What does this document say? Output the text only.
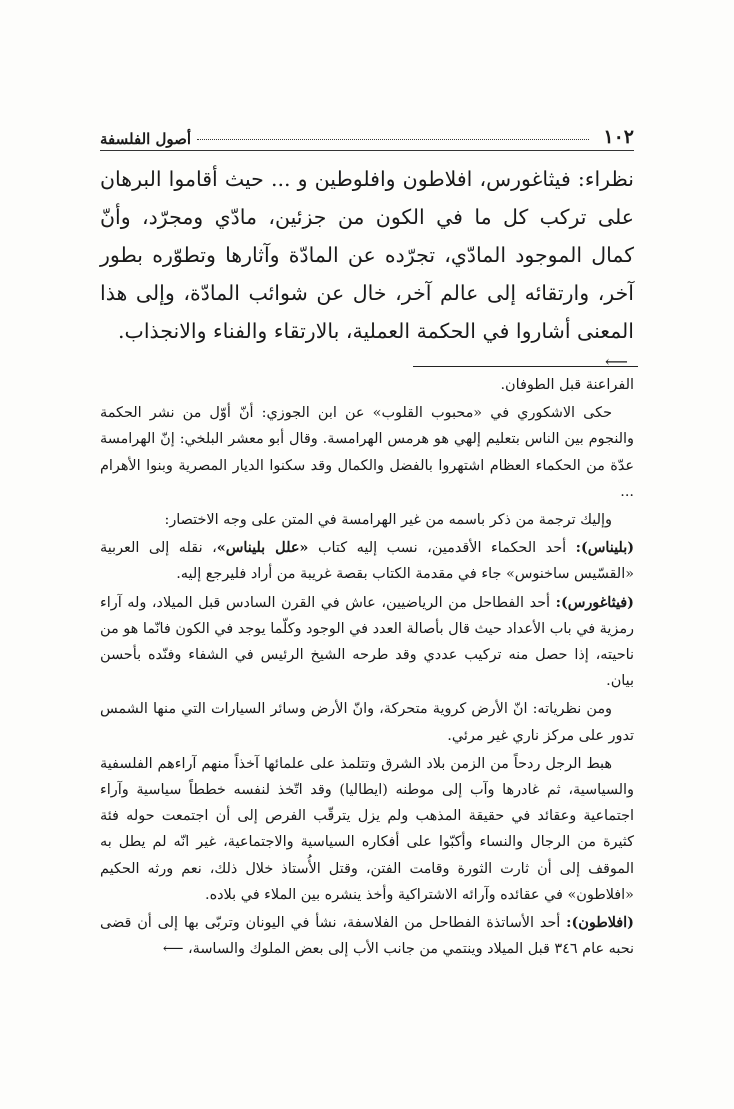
١٠٢
أصول الفلسفة

نظراء: فيثاغورس، افلاطون وافلوطين و ... حيث أقاموا البرهان على تركب كل ما في الكون من جزئين، مادّي ومجرّد، وأنّ كمال الموجود المادّي، تجرّده عن المادّة وآثارها وتطوّره بطور آخر، وارتقائه إلى عالم آخر، خال عن شوائب المادّة، وإلى هذا المعنى أشاروا في الحكمة العملية، بالارتقاء والفناء والانجذاب.

⟵

الفراعنة قبل الطوفان.

حكى الاشكوري في «محبوب القلوب» عن ابن الجوزي: أنّ أوّل من نشر الحكمة والنجوم بين الناس بتعليم إلهي هو هرمس الهرامسة. وقال أبو معشر البلخي: إنّ الهرامسة عدّة من الحكماء العظام اشتهروا بالفضل والكمال وقد سكنوا الديار المصرية وبنوا الأهرام ...

وإليك ترجمة من ذكر باسمه من غير الهرامسة في المتن على وجه الاختصار:

(بليناس): أحد الحكماء الأقدمين، نسب إليه كتاب «علل بليناس»، نقله إلى العربية «القسّيس ساخنوس» جاء في مقدمة الكتاب بقصة غريبة من أراد فليرجع إليه.

(فيثاغورس): أحد الفطاحل من الرياضيين، عاش في القرن السادس قبل الميلاد، وله آراء رمزية في باب الأعداد حيث قال بأصالة العدد في الوجود وكلّما يوجد في الكون فانّما هو من ناحيته، إذا حصل منه تركيب عددي وقد طرحه الشيخ الرئيس في الشفاء وفنّده بأحسن بيان.

ومن نظرياته: انّ الأرض كروية متحركة، وانّ الأرض وسائر السيارات التي منها الشمس تدور على مركز ناري غير مرئي.

هبط الرجل ردحاً من الزمن بلاد الشرق وتتلمذ على علمائها آخذاً منهم آراءهم الفلسفية والسياسية، ثم غادرها وآب إلى موطنه (ايطاليا) وقد اتّخذ لنفسه خططاً سياسية وآراء اجتماعية وعقائد في حقيقة المذهب ولم يزل يترقّب الفرص إلى أن اجتمعت حوله فئة كثيرة من الرجال والنساء وأكبّوا على أفكاره السياسية والاجتماعية، غير انّه لم يطل به الموقف إلى أن ثارت الثورة وقامت الفتن، وقتل الأُستاذ خلال ذلك، نعم ورثه الحكيم «افلاطون» في عقائده وآرائه الاشتراكية وأخذ ينشره بين الملاء في بلاده.

(افلاطون): أحد الأساتذة الفطاحل من الفلاسفة، نشأ في اليونان وتربّى بها إلى أن قضى نحبه عام ٣٤٦ قبل الميلاد وينتمي من جانب الأب إلى بعض الملوك والساسة، ⟵
